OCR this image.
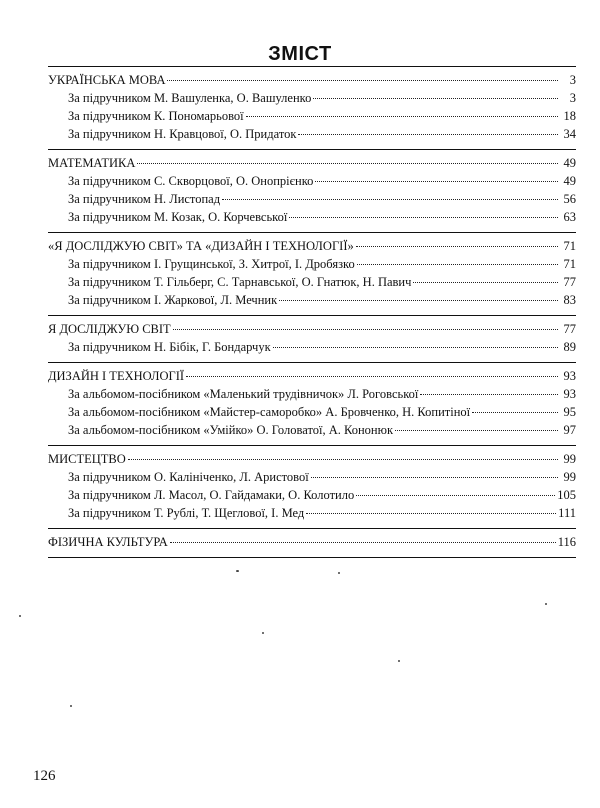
ЗМІСТ
УКРАЇНСЬКА МОВА	3
За підручником М. Вашуленка, О. Вашуленко	3
За підручником К. Пономарьової	18
За підручником Н. Кравцової, О. Придаток	34
МАТЕМАТИКА	49
За підручником С. Скворцової, О. Онопрієнко	49
За підручником Н. Листопад	56
За підручником М. Козак, О. Корчевської	63
«Я ДОСЛІДЖУЮ СВІТ» ТА «ДИЗАЙН І ТЕХНОЛОГІЇ»	71
За підручником І. Грущинської, З. Хитрої, І. Дробязко	71
За підручником Т. Гільберг, С. Тарнавської, О. Гнатюк, Н. Павич	77
За підручником І. Жаркової, Л. Мечник	83
Я ДОСЛІДЖУЮ СВІТ	77
За підручником Н. Бібік, Г. Бондарчук	89
ДИЗАЙН І ТЕХНОЛОГІЇ	93
За альбомом-посібником «Маленький трудівничок» Л. Роговської	93
За альбомом-посібником «Майстер-саморобко» А. Бровченко, Н. Копитіної	95
За альбомом-посібником «Умійко» О. Головатої, А. Кононюк	97
МИСТЕЦТВО	99
За підручником О. Калініченко, Л. Аристової	99
За підручником Л. Масол, О. Гайдамаки, О. Колотило	105
За підручником Т. Рублі, Т. Щеглової, І. Мед	111
ФІЗИЧНА КУЛЬТУРА	116
126
